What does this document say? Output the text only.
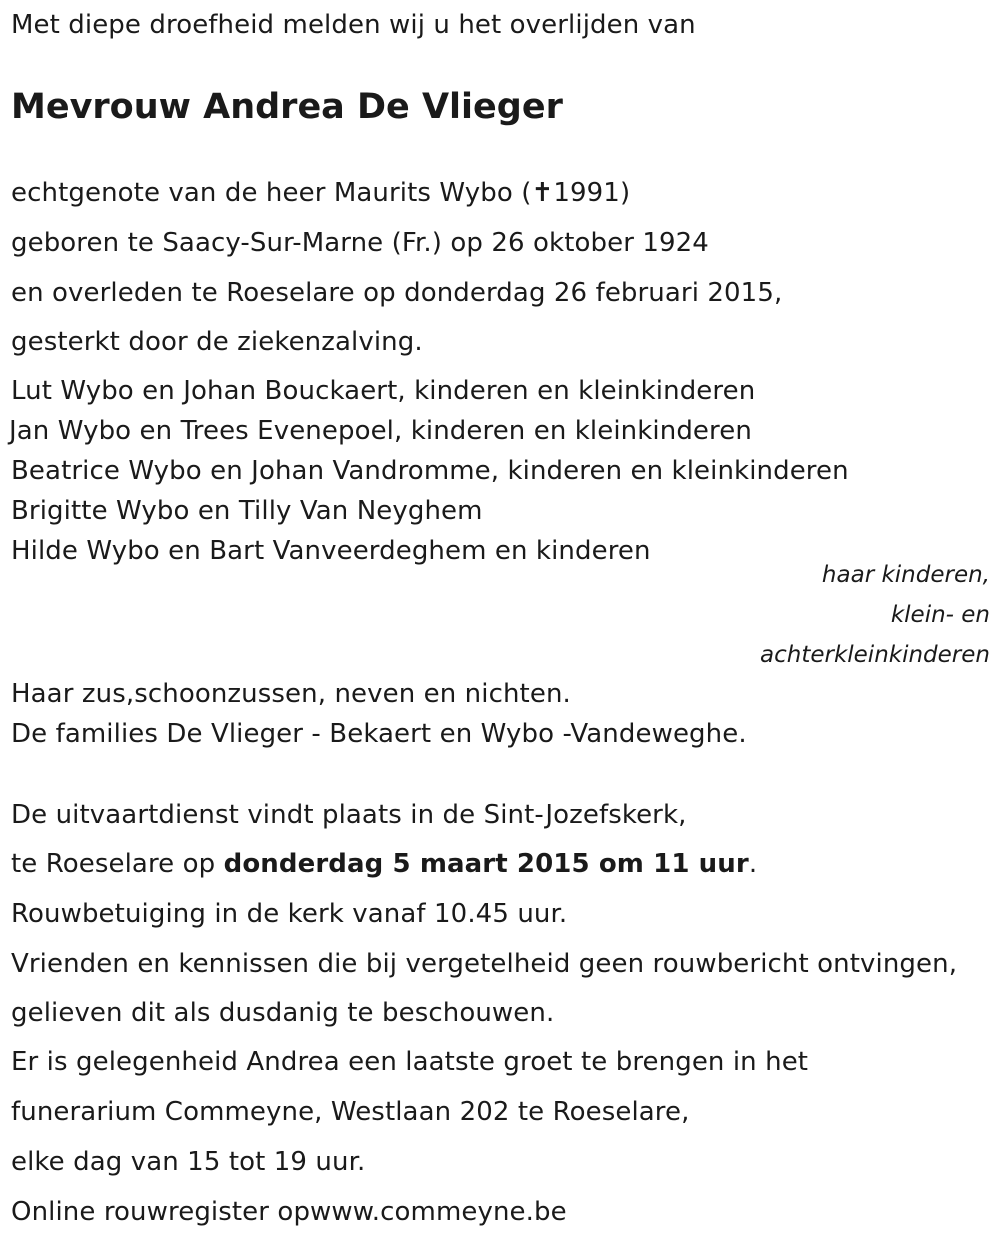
Met diepe droefheid melden wij u het overlijden van
Mevrouw Andrea De Vlieger
echtgenote van de heer Maurits Wybo (✝1991)
geboren te Saacy-Sur-Marne (Fr.) op 26 oktober 1924
en overleden te Roeselare op donderdag 26 februari 2015,
gesterkt door de ziekenzalving.
Lut Wybo en Johan Bouckaert, kinderen en kleinkinderen
Jan Wybo en Trees Evenepoel, kinderen en kleinkinderen
Beatrice Wybo en Johan Vandromme, kinderen en kleinkinderen
Brigitte Wybo en Tilly Van Neyghem
Hilde Wybo en Bart Vanveerdeghem en kinderen
haar kinderen,
klein- en
achterkleinkinderen
Haar zus,schoonzussen, neven en nichten.
De families De Vlieger - Bekaert en Wybo -Vandeweghe.
De uitvaartdienst vindt plaats in de Sint-Jozefskerk,
te Roeselare op donderdag 5 maart 2015 om 11 uur.
Rouwbetuiging in de kerk vanaf 10.45 uur.
Vrienden en kennissen die bij vergetelheid geen rouwbericht ontvingen,
gelieven dit als dusdanig te beschouwen.
Er is gelegenheid Andrea een laatste groet te brengen in het
funerarium Commeyne, Westlaan 202 te Roeselare,
elke dag van 15 tot 19 uur.
Online rouwregister opwww.commeyne.be
